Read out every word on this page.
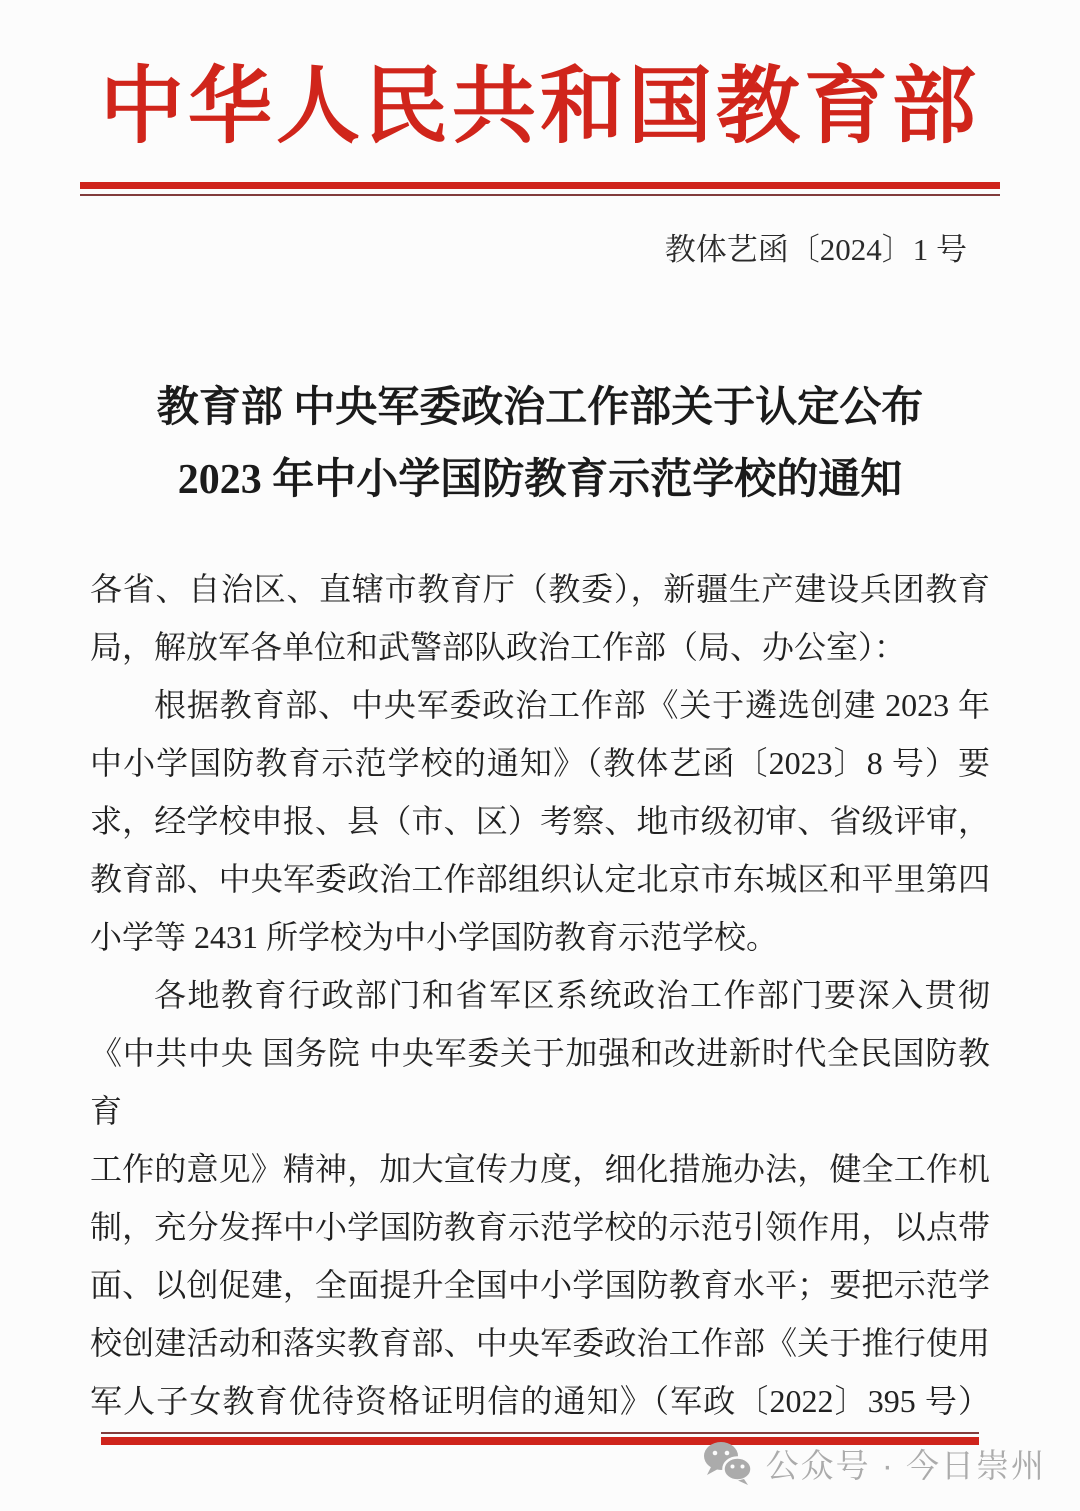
中华人民共和国教育部
教体艺函〔2024〕1 号
教育部 中央军委政治工作部关于认定公布
2023 年中小学国防教育示范学校的通知
各省、自治区、直辖市教育厅（教委），新疆生产建设兵团教育
局，解放军各单位和武警部队政治工作部（局、办公室）：
根据教育部、中央军委政治工作部《关于遴选创建 2023 年
中小学国防教育示范学校的通知》（教体艺函〔2023〕8 号）要
求，经学校申报、县（市、区）考察、地市级初审、省级评审，
教育部、中央军委政治工作部组织认定北京市东城区和平里第四
小学等 2431 所学校为中小学国防教育示范学校。
各地教育行政部门和省军区系统政治工作部门要深入贯彻
《中共中央 国务院 中央军委关于加强和改进新时代全民国防教育
工作的意见》精神，加大宣传力度，细化措施办法，健全工作机
制，充分发挥中小学国防教育示范学校的示范引领作用，以点带
面、以创促建，全面提升全国中小学国防教育水平；要把示范学
校创建活动和落实教育部、中央军委政治工作部《关于推行使用
军人子女教育优待资格证明信的通知》（军政〔2022〕395 号）
公众号 · 今日崇州
